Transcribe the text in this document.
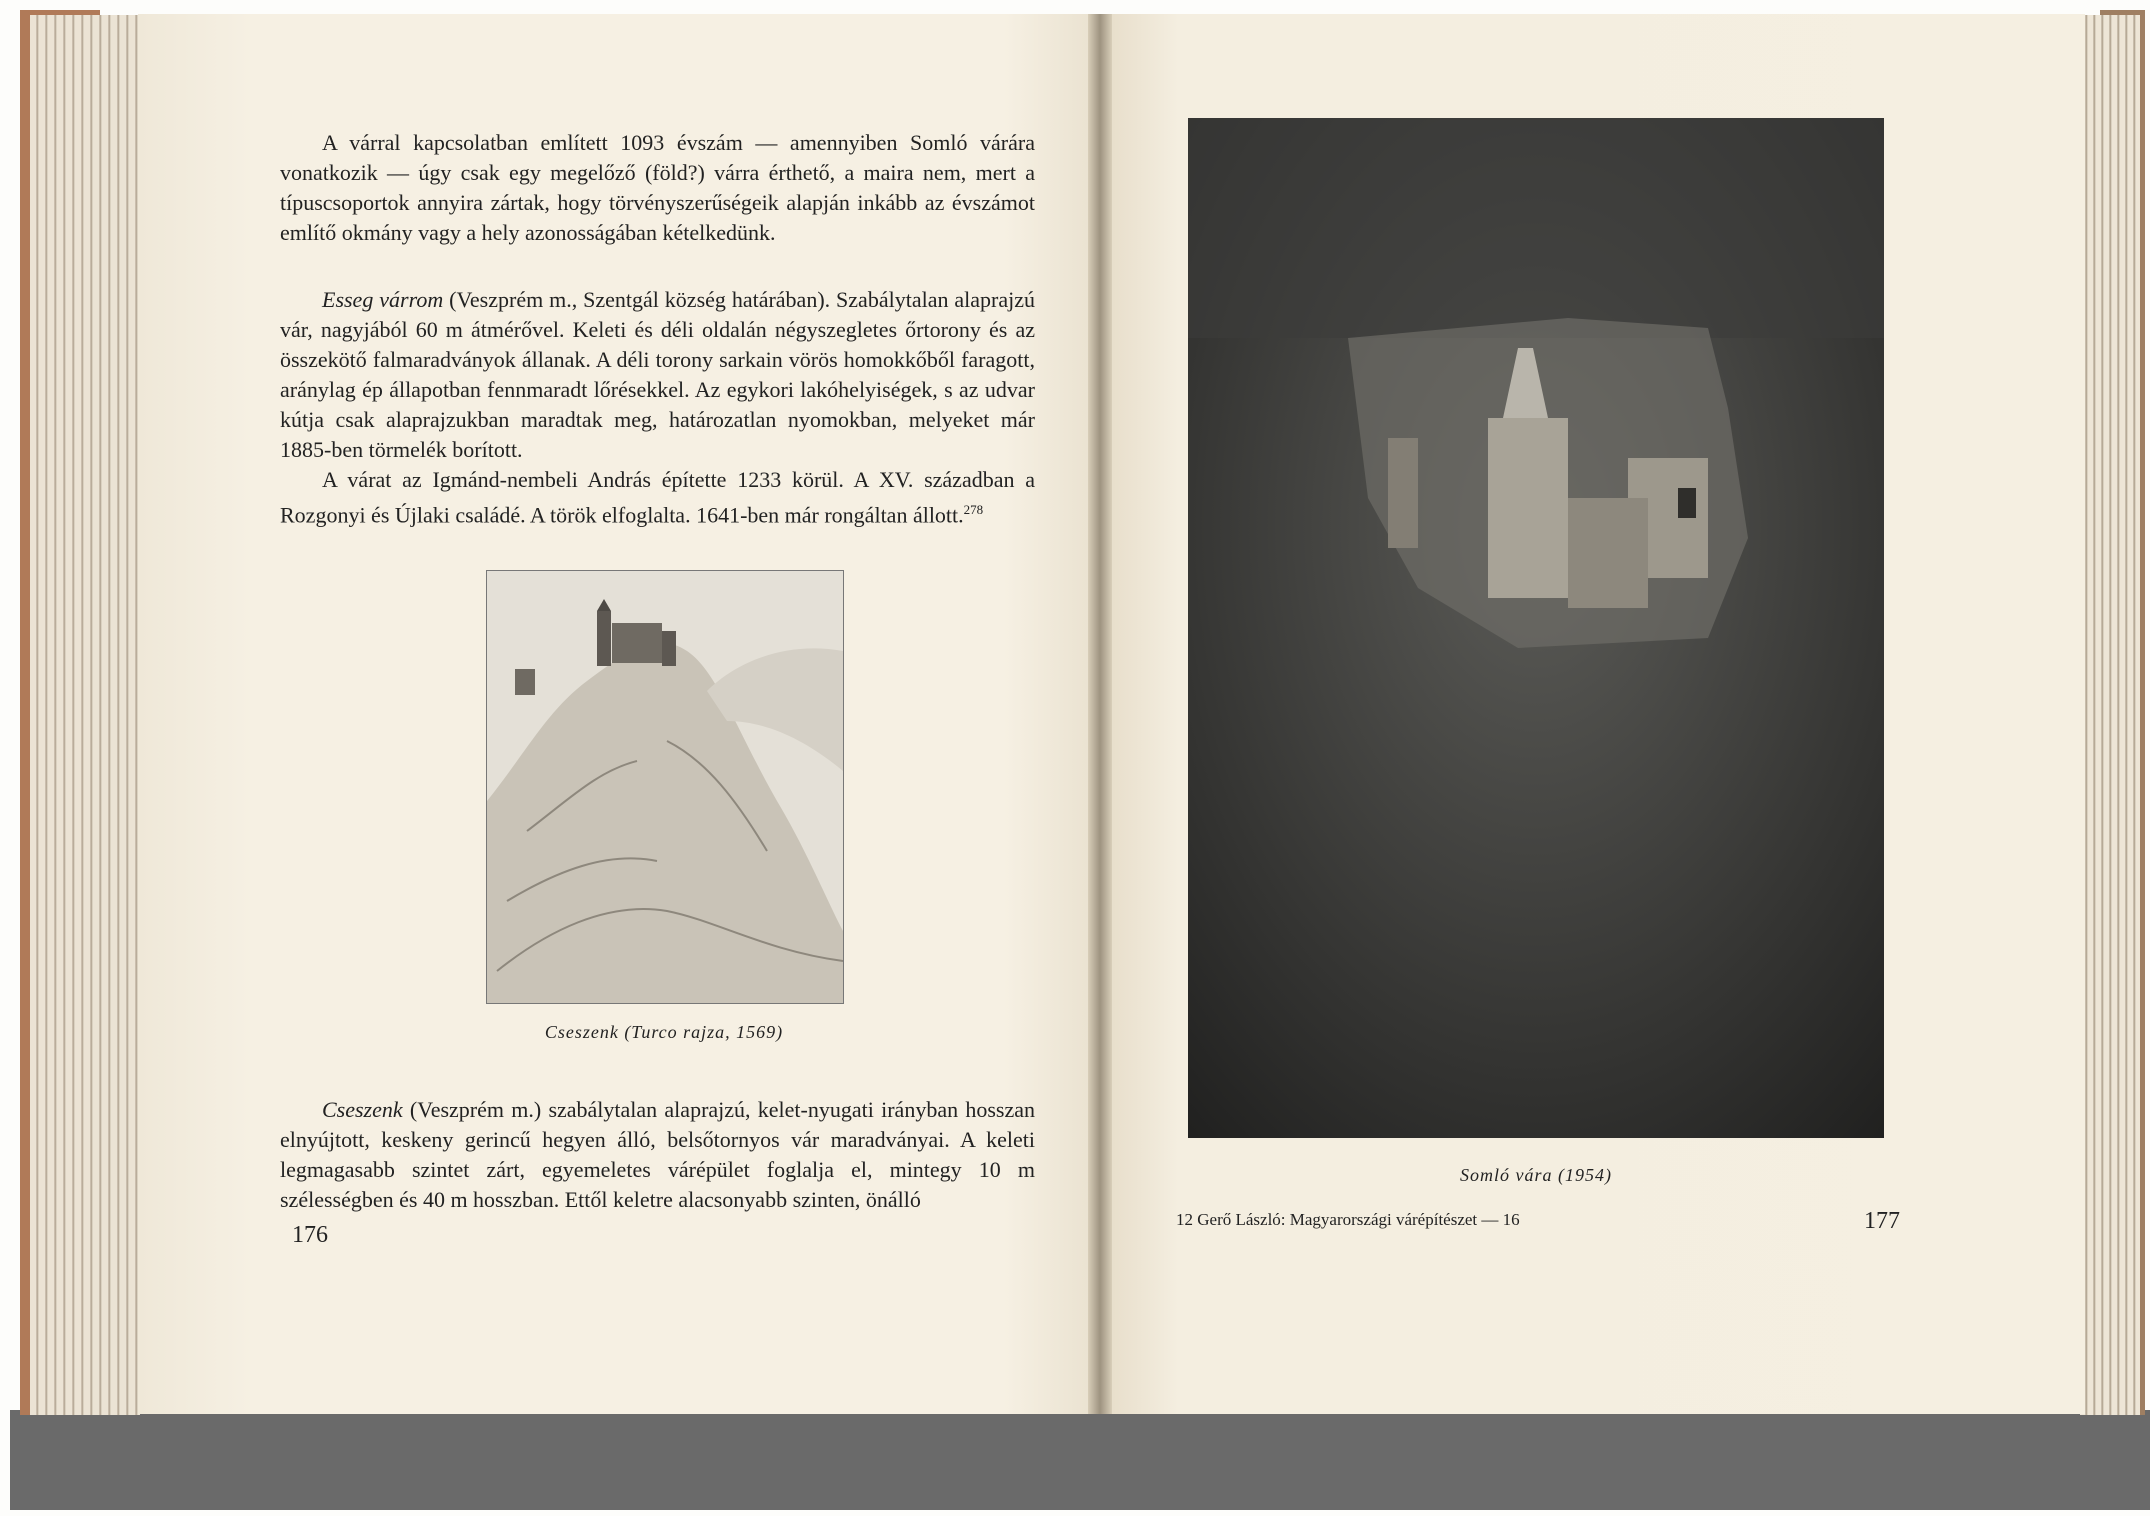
A várral kapcsolatban említett 1093 évszám — amennyiben Somló várára vonatkozik — úgy csak egy megelőző (föld?) várra érthető, a maira nem, mert a típuscsoportok annyira zártak, hogy törvényszerűségeik alapján inkább az évszámot említő okmány vagy a hely azonosságában kételkedünk.

Esseg várrom (Veszprém m., Szentgál község határában). Szabálytalan alaprajzú vár, nagyjából 60 m átmérővel. Keleti és déli oldalán négyszegletes őrtorony és az összekötő falmaradványok állanak. A déli torony sarkain vörös homokkőből faragott, aránylag ép állapotban fennmaradt lőrésekkel. Az egykori lakóhelyiségek, s az udvar kútja csak alaprajzukban maradtak meg, határozatlan nyomokban, melyeket már 1885-ben törmelék borított.

A várat az Igmánd-nembeli András építette 1233 körül. A XV. században a Rozgonyi és Újlaki családé. A török elfoglalta. 1641-ben már rongáltan állott.$^{278}$

Cseszenk (Turco rajza, 1569)

Cseszenk (Veszprém m.) szabálytalan alaprajzú, kelet-nyugati irányban hosszan elnyújtott, keskeny gerincű hegyen álló, belsőtornyos vár maradványai. A keleti legmagasabb szintet zárt, egyemeletes várépület foglalja el, mintegy 10 m szélességben és 40 m hosszban. Ettől keletre alacsonyabb szinten, önálló

176
Somló vára (1954)
12 Gerő László: Magyarországi várépítészet — 16	177
